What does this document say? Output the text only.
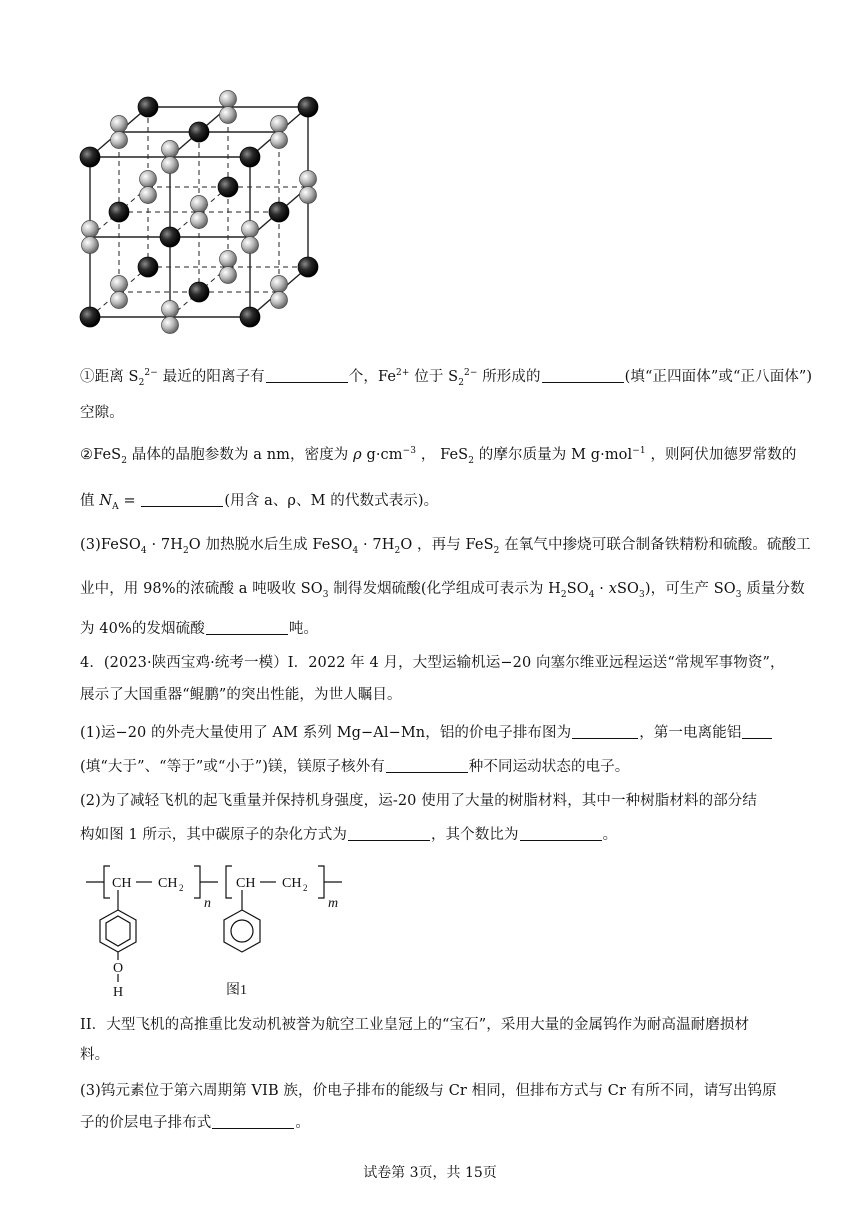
①距离 $S_2^{2-}$ 最近的阳离子有	个，$Fe^{2+}$ 位于 $S_2^{2-}$ 所形成的	(填“正四面体”或“正八面体”)
空隙。
②FeS$_2$ 晶体的晶胞参数为 a nm，密度为 ρ $g\cdot cm^{-3}$ ， FeS$_2$ 的摩尔质量为 M g·mol$^{-1}$ ，则阿伏加德罗常数的
值 $N_A$ =	(用含 a、ρ、M 的代数式表示)。
(3)FeSO$_4$ · $7H_2O$ 加热脱水后生成 FeSO$_4$ · $7H_2O$ ，再与 FeS$_2$ 在氧气中掺烧可联合制备铁精粉和硫酸。硫酸工
业中，用 98%的浓硫酸 a 吨吸收 $SO_3$ 制得发烟硫酸(化学组成可表示为 $H_2SO_4 \cdot xSO_3$)，可生产 $SO_3$ 质量分数
为 40%的发烟硫酸	吨。
4．(2023·陕西宝鸡·统考一模）I．2022 年 4 月，大型运输机运−20 向塞尔维亚远程运送“常规军事物资”，
展示了大国重器“鲲鹏”的突出性能，为世人瞩目。
(1)运−20 的外壳大量使用了 AM 系列 Mg−Al−Mn，铝的价电子排布图为	，第一电离能铝
(填“大于”、“等于”或“小于”)镁，镁原子核外有	种不同运动状态的电子。
(2)为了减轻飞机的起飞重量并保持机身强度，运-20 使用了大量的树脂材料，其中一种树脂材料的部分结
构如图 1 所示，其中碳原子的杂化方式为	，其个数比为	。
CH CH 2
n
CH CH 2
m
O
H	图1
II．大型飞机的高推重比发动机被誉为航空工业皇冠上的“宝石”，采用大量的金属钨作为耐高温耐磨损材
料。
(3)钨元素位于第六周期第 VIB 族，价电子排布的能级与 Cr 相同，但排布方式与 Cr 有所不同，请写出钨原
子的价层电子排布式	。
试卷第 3页，共 15页
